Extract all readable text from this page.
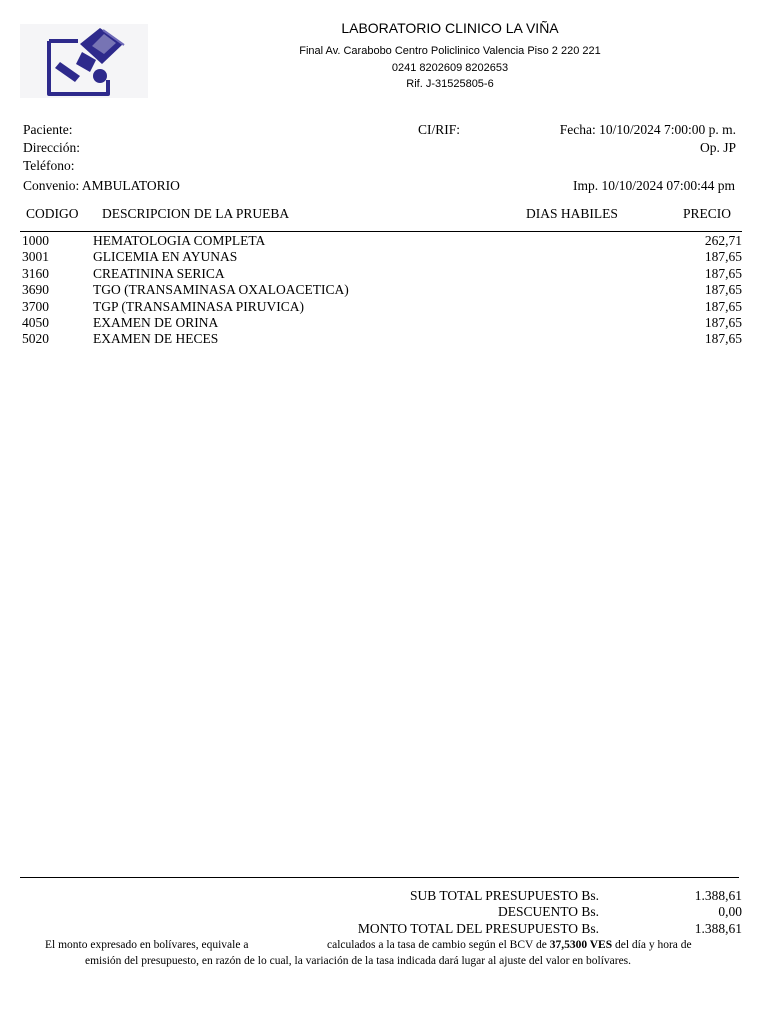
LABORATORIO CLINICO LA VIÑA
Final Av. Carabobo Centro Policlinico Valencia Piso 2 220 221
0241 8202609 8202653
Rif. J-31525805-6
Paciente:
Dirección:
Teléfono:
Convenio: AMBULATORIO
CI/RIF:	Fecha: 10/10/2024 7:00:00 p. m.
Op. JP
Imp. 10/10/2024 07:00:44 pm
CODIGO DESCRIPCION DE LA PRUEBA	DIAS HABILES	PRECIO
1000	HEMATOLOGIA COMPLETA	262,71
3001	GLICEMIA EN AYUNAS	187,65
3160	CREATININA SERICA	187,65
3690	TGO (TRANSAMINASA OXALOACETICA)	187,65
3700	TGP (TRANSAMINASA PIRUVICA)	187,65
4050	EXAMEN DE ORINA	187,65
5020	EXAMEN DE HECES	187,65
SUB TOTAL PRESUPUESTO Bs.	1.388,61
DESCUENTO Bs.	0,00
MONTO TOTAL DEL PRESUPUESTO Bs.	1.388,61
El monto expresado en bolívares, equivale a	calculados a la tasa de cambio según el BCV de 37,5300 VES del día y hora de
emisión del presupuesto, en razón de lo cual, la variación de la tasa indicada dará lugar al ajuste del valor en bolívares.
